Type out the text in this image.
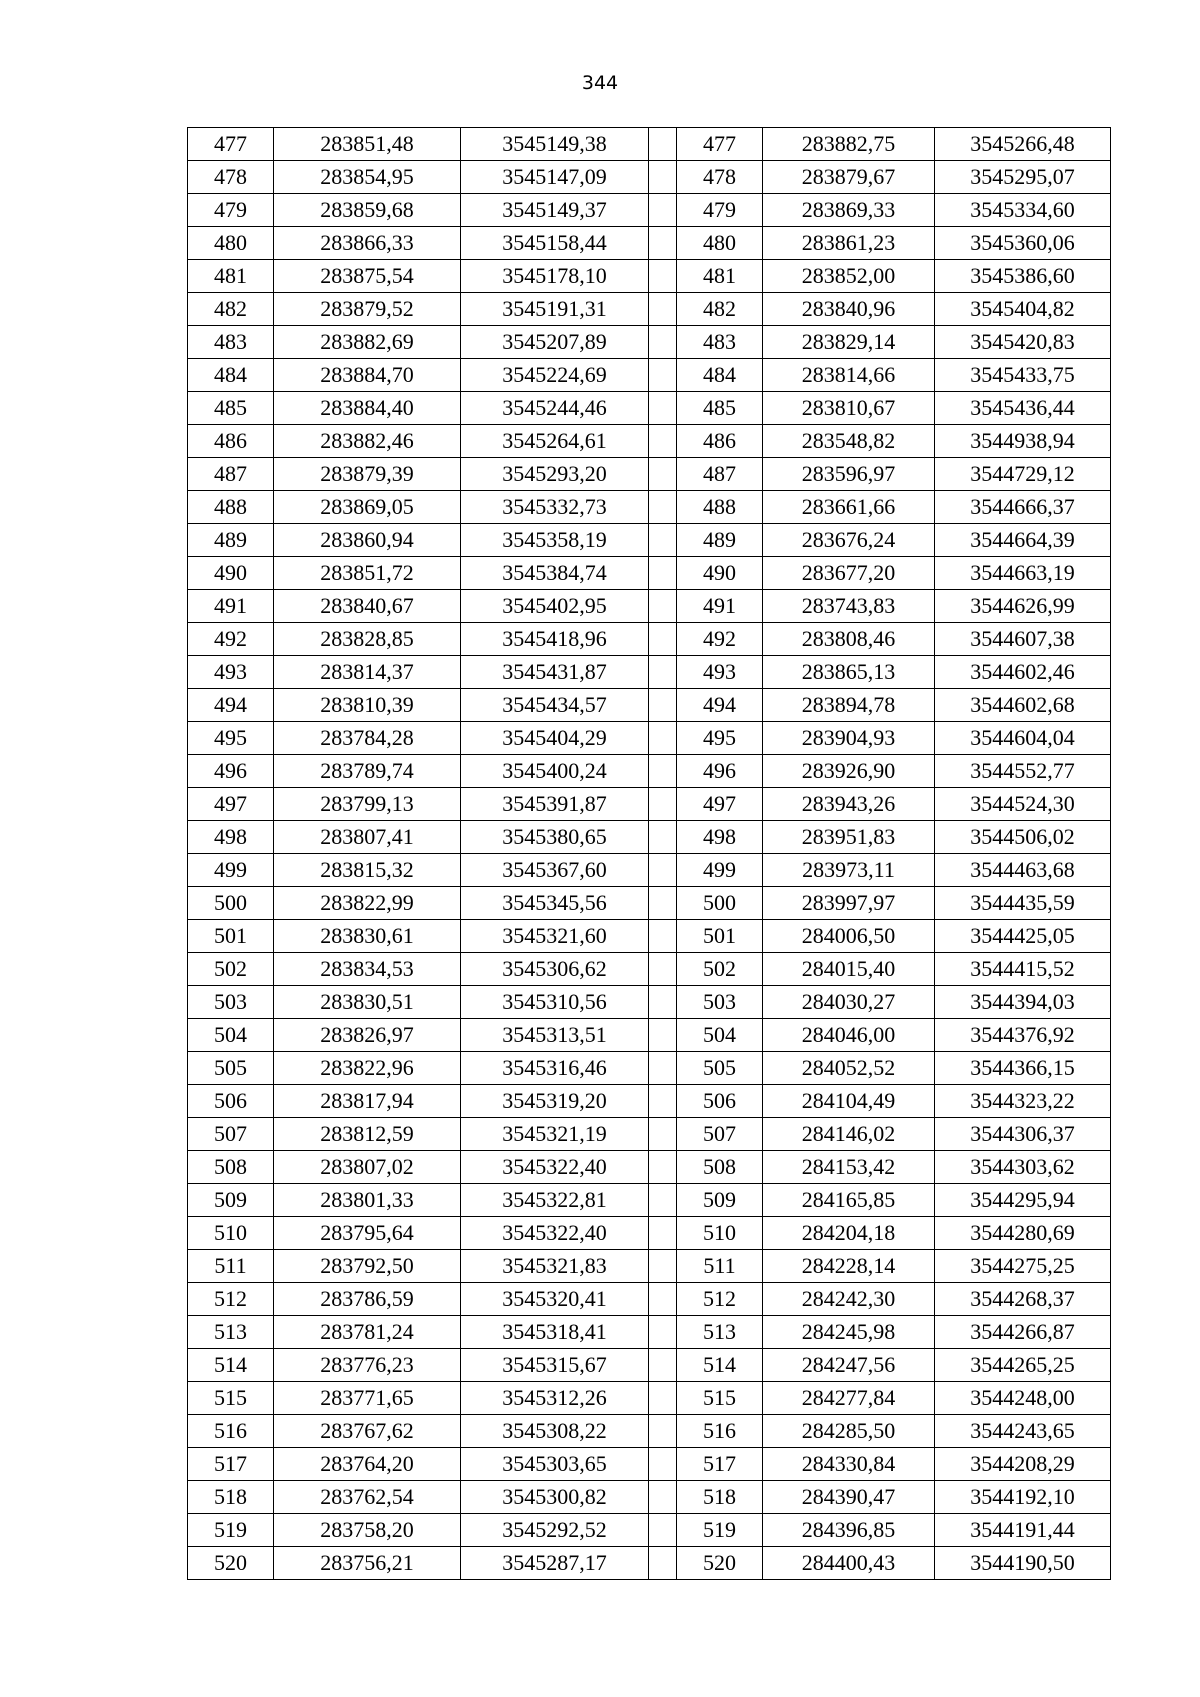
344
477	283851,48	3545149,38		477	283882,75	3545266,48
478	283854,95	3545147,09		478	283879,67	3545295,07
479	283859,68	3545149,37		479	283869,33	3545334,60
480	283866,33	3545158,44		480	283861,23	3545360,06
481	283875,54	3545178,10		481	283852,00	3545386,60
482	283879,52	3545191,31		482	283840,96	3545404,82
483	283882,69	3545207,89		483	283829,14	3545420,83
484	283884,70	3545224,69		484	283814,66	3545433,75
485	283884,40	3545244,46		485	283810,67	3545436,44
486	283882,46	3545264,61		486	283548,82	3544938,94
487	283879,39	3545293,20		487	283596,97	3544729,12
488	283869,05	3545332,73		488	283661,66	3544666,37
489	283860,94	3545358,19		489	283676,24	3544664,39
490	283851,72	3545384,74		490	283677,20	3544663,19
491	283840,67	3545402,95		491	283743,83	3544626,99
492	283828,85	3545418,96		492	283808,46	3544607,38
493	283814,37	3545431,87		493	283865,13	3544602,46
494	283810,39	3545434,57		494	283894,78	3544602,68
495	283784,28	3545404,29		495	283904,93	3544604,04
496	283789,74	3545400,24		496	283926,90	3544552,77
497	283799,13	3545391,87		497	283943,26	3544524,30
498	283807,41	3545380,65		498	283951,83	3544506,02
499	283815,32	3545367,60		499	283973,11	3544463,68
500	283822,99	3545345,56		500	283997,97	3544435,59
501	283830,61	3545321,60		501	284006,50	3544425,05
502	283834,53	3545306,62		502	284015,40	3544415,52
503	283830,51	3545310,56		503	284030,27	3544394,03
504	283826,97	3545313,51		504	284046,00	3544376,92
505	283822,96	3545316,46		505	284052,52	3544366,15
506	283817,94	3545319,20		506	284104,49	3544323,22
507	283812,59	3545321,19		507	284146,02	3544306,37
508	283807,02	3545322,40		508	284153,42	3544303,62
509	283801,33	3545322,81		509	284165,85	3544295,94
510	283795,64	3545322,40		510	284204,18	3544280,69
511	283792,50	3545321,83		511	284228,14	3544275,25
512	283786,59	3545320,41		512	284242,30	3544268,37
513	283781,24	3545318,41		513	284245,98	3544266,87
514	283776,23	3545315,67		514	284247,56	3544265,25
515	283771,65	3545312,26		515	284277,84	3544248,00
516	283767,62	3545308,22		516	284285,50	3544243,65
517	283764,20	3545303,65		517	284330,84	3544208,29
518	283762,54	3545300,82		518	284390,47	3544192,10
519	283758,20	3545292,52		519	284396,85	3544191,44
520	283756,21	3545287,17		520	284400,43	3544190,50
